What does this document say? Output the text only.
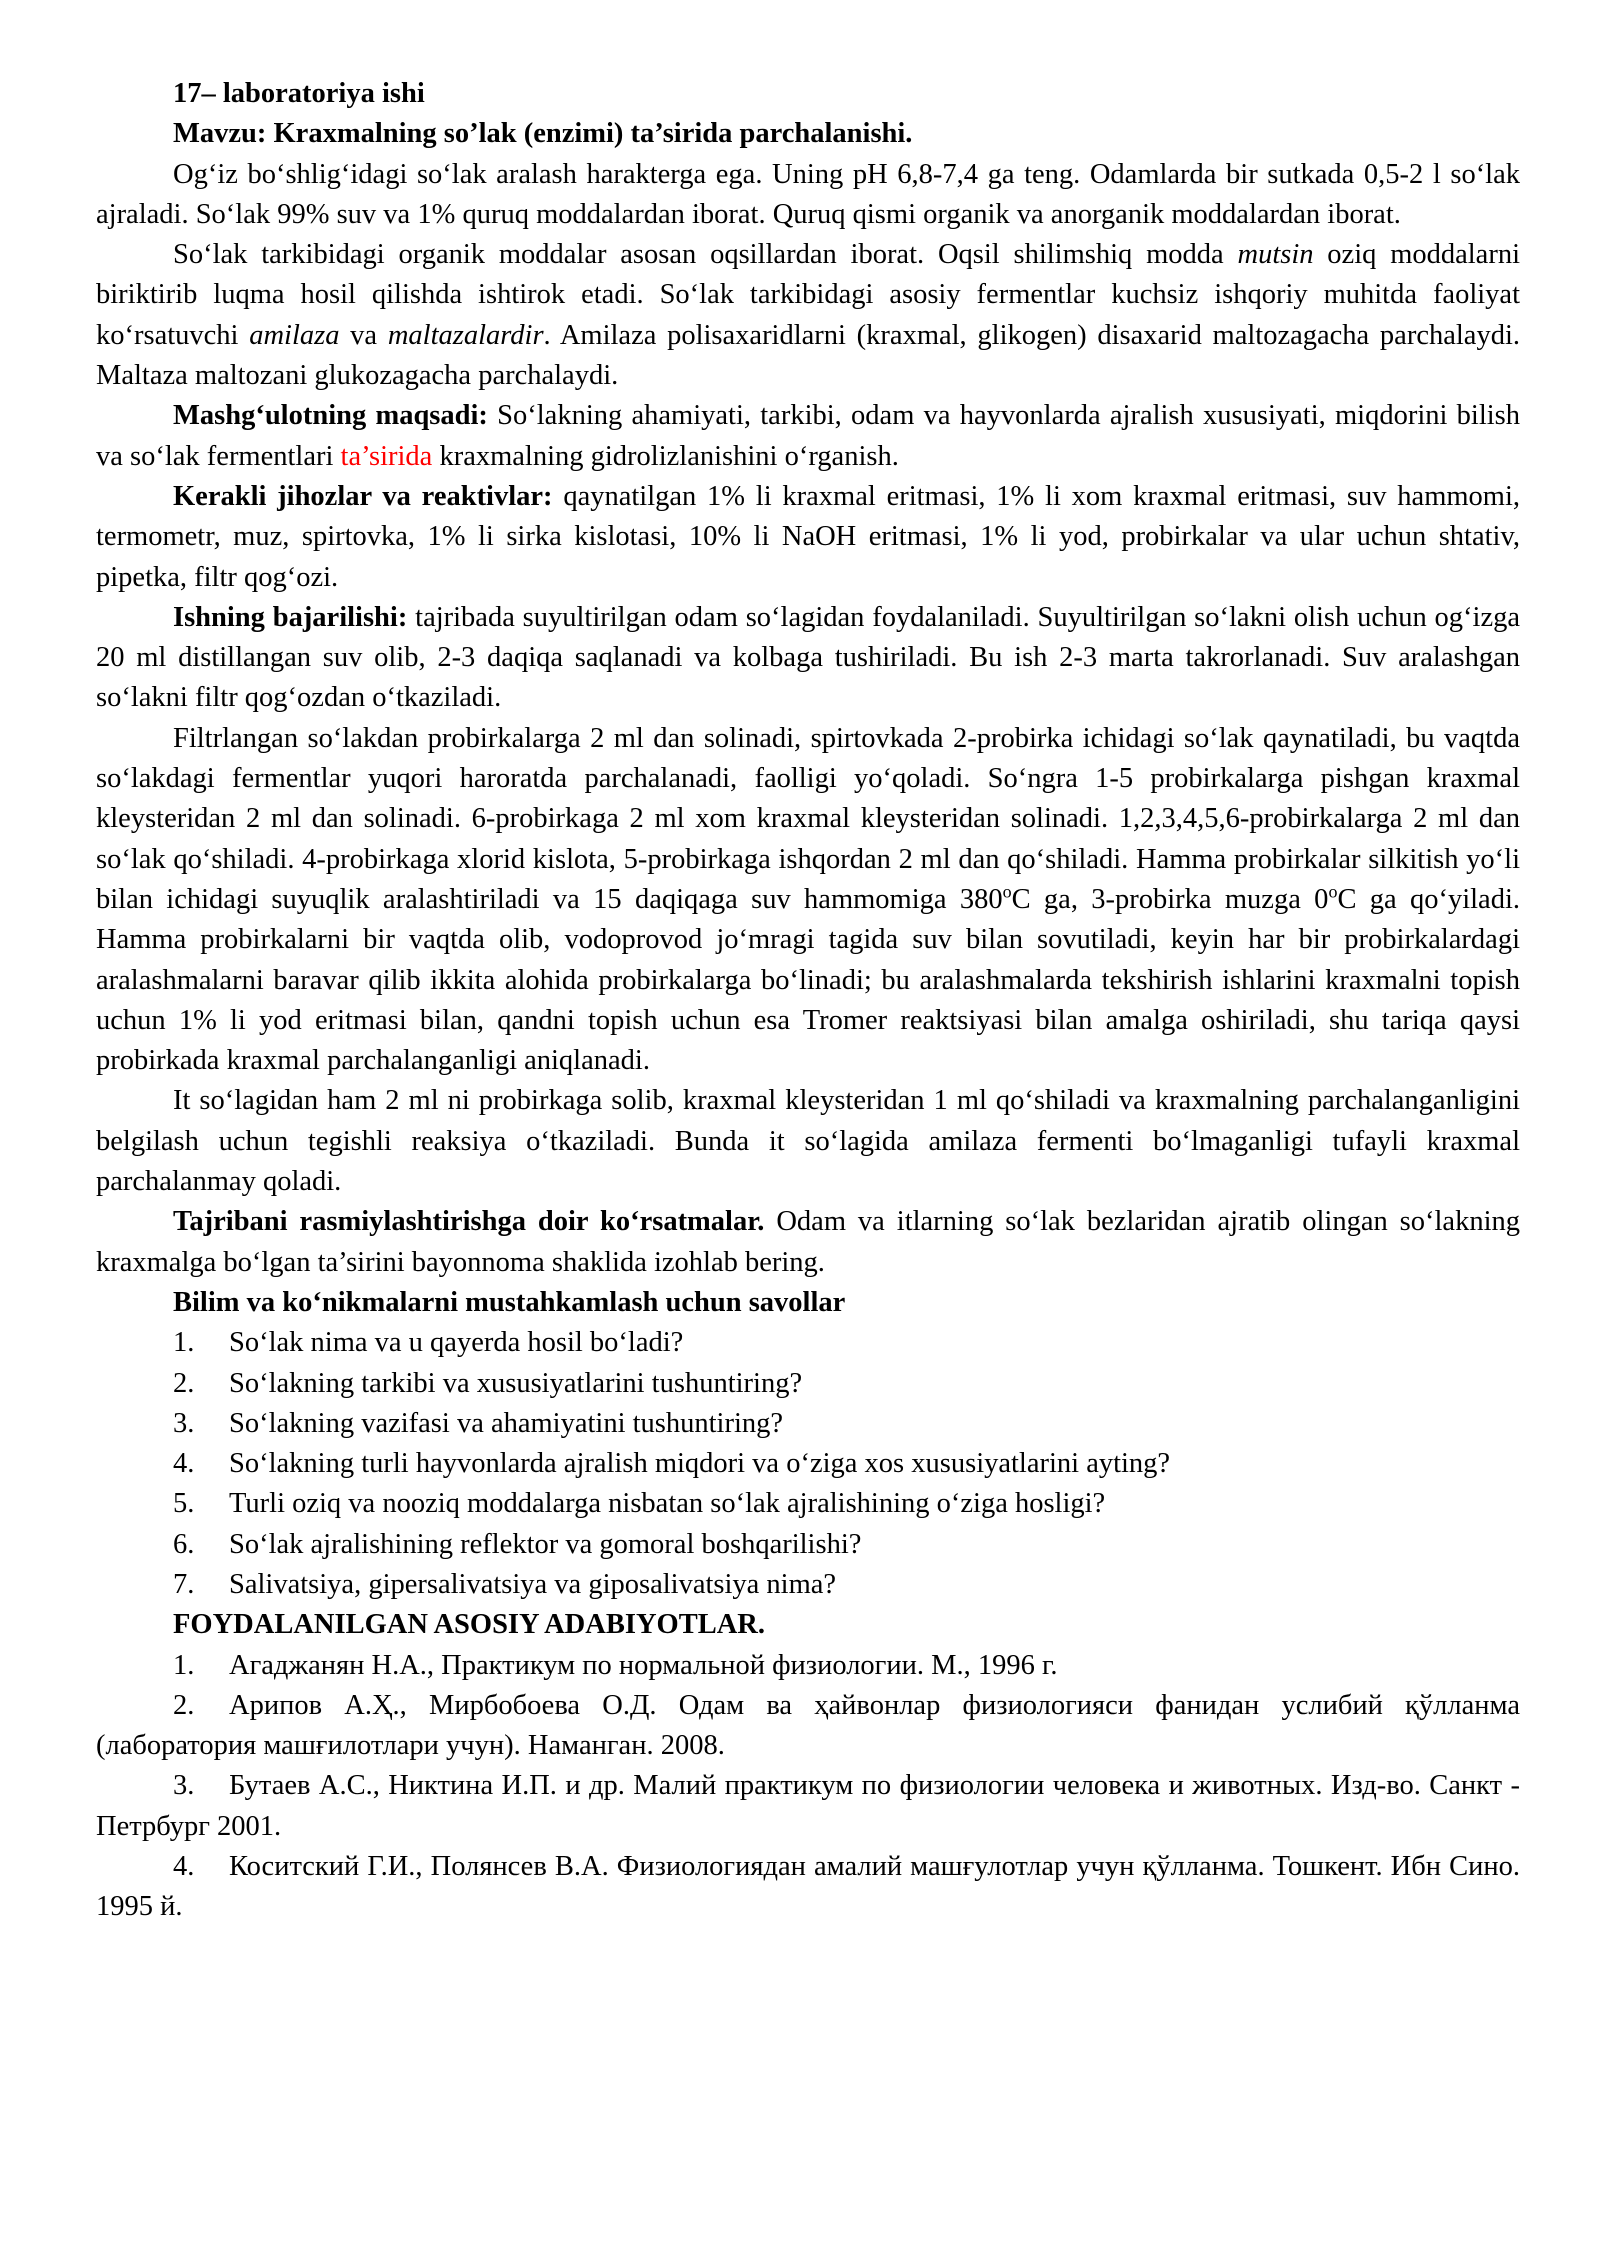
17– laboratoriya ishi

Mavzu: Kraxmalning so’lak (enzimi) ta’sirida parchalanishi.

Og‘iz bo‘shlig‘idagi so‘lak aralash harakterga ega. Uning pH 6,8-7,4 ga teng. Odamlarda bir sutkada 0,5-2 l so‘lak ajraladi. So‘lak 99% suv va 1% quruq moddalardan iborat. Quruq qismi organik va anorganik moddalardan iborat.

So‘lak tarkibidagi organik moddalar asosan oqsillardan iborat. Oqsil shilimshiq modda mutsin oziq moddalarni biriktirib luqma hosil qilishda ishtirok etadi. So‘lak tarkibidagi asosiy fermentlar kuchsiz ishqoriy muhitda faoliyat ko‘rsatuvchi amilaza va maltazalardir. Amilaza polisaxaridlarni (kraxmal, glikogen) disaxarid maltozagacha parchalaydi. Maltaza maltozani glukozagacha parchalaydi.

Mashg‘ulotning maqsadi: So‘lakning ahamiyati, tarkibi, odam va hayvonlarda ajralish xususiyati, miqdorini bilish va so‘lak fermentlari ta’sirida kraxmalning gidrolizlanishini o‘rganish.

Kerakli jihozlar va reaktivlar: qaynatilgan 1% li kraxmal eritmasi, 1% li xom kraxmal eritmasi, suv hammomi, termometr, muz, spirtovka, 1% li sirka kislotasi, 10% li NaOH eritmasi, 1% li yod, probirkalar va ular uchun shtativ, pipetka, filtr qog‘ozi.

Ishning bajarilishi: tajribada suyultirilgan odam so‘lagidan foydalaniladi. Suyultirilgan so‘lakni olish uchun og‘izga 20 ml distillangan suv olib, 2-3 daqiqa saqlanadi va kolbaga tushiriladi. Bu ish 2-3 marta takrorlanadi. Suv aralashgan so‘lakni filtr qog‘ozdan o‘tkaziladi.

Filtrlangan so‘lakdan probirkalarga 2 ml dan solinadi, spirtovkada 2-probirka ichidagi so‘lak qaynatiladi, bu vaqtda so‘lakdagi fermentlar yuqori haroratda parchalanadi, faolligi yo‘qoladi. So‘ngra 1-5 probirkalarga pishgan kraxmal kleysteridan 2 ml dan solinadi. 6-probirkaga 2 ml xom kraxmal kleysteridan solinadi. 1,2,3,4,5,6-probirkalarga 2 ml dan so‘lak qo‘shiladi. 4-probirkaga xlorid kislota, 5-probirkaga ishqordan 2 ml dan qo‘shiladi. Hamma probirkalar silkitish yo‘li bilan ichidagi suyuqlik aralashtiriladi va 15 daqiqaga suv hammomiga 380$^o$C ga, 3-probirka muzga 0$^o$C ga qo‘yiladi. Hamma probirkalarni bir vaqtda olib, vodoprovod jo‘mragi tagida suv bilan sovutiladi, keyin har bir probirkalardagi aralashmalarni baravar qilib ikkita alohida probirkalarga bo‘linadi; bu aralashmalarda tekshirish ishlarini kraxmalni topish uchun 1% li yod eritmasi bilan, qandni topish uchun esa Tromer reaktsiyasi bilan amalga oshiriladi, shu tariqa qaysi probirkada kraxmal parchalanganligi aniqlanadi.

It so‘lagidan ham 2 ml ni probirkaga solib, kraxmal kleysteridan 1 ml qo‘shiladi va kraxmalning parchalanganligini belgilash uchun tegishli reaksiya o‘tkaziladi. Bunda it so‘lagida amilaza fermenti bo‘lmaganligi tufayli kraxmal parchalanmay qoladi.

Tajribani rasmiylashtirishga doir ko‘rsatmalar. Odam va itlarning so‘lak bezlaridan ajratib olingan so‘lakning kraxmalga bo‘lgan ta’sirini bayonnoma shaklida izohlab bering.

Bilim va ko‘nikmalarni mustahkamlash uchun savollar

1. So‘lak nima va u qayerda hosil bo‘ladi?
2. So‘lakning tarkibi va xususiyatlarini tushuntiring?
3. So‘lakning vazifasi va ahamiyatini tushuntiring?
4. So‘lakning turli hayvonlarda ajralish miqdori va o‘ziga xos xususiyatlarini ayting?
5. Turli oziq va nooziq moddalarga nisbatan so‘lak ajralishining o‘ziga hosligi?
6. So‘lak ajralishining reflektor va gomoral boshqarilishi?
7. Salivatsiya, gipersalivatsiya va giposalivatsiya nima?

FOYDALANILGAN ASOSIY ADABIYOTLAR.

1. Агаджанян Н.А., Практикум по нормальной физиологии. М., 1996 г.
2. Арипов А.Ҳ., Мирбобоева О.Д. Одам ва ҳайвонлар физиологияси фанидан услибий қўлланма (лаборатория машғилотлари учун). Наманган. 2008.
3. Бутаев А.С., Никтина И.П. и др. Малий практикум по физиологии человека и животных. Изд-во. Санкт - Петрбург 2001.
4. Коситский Г.И., Полянсев В.А. Физиологиядан амалий машғулотлар учун қўлланма. Тошкент. Ибн Сино. 1995 й.
